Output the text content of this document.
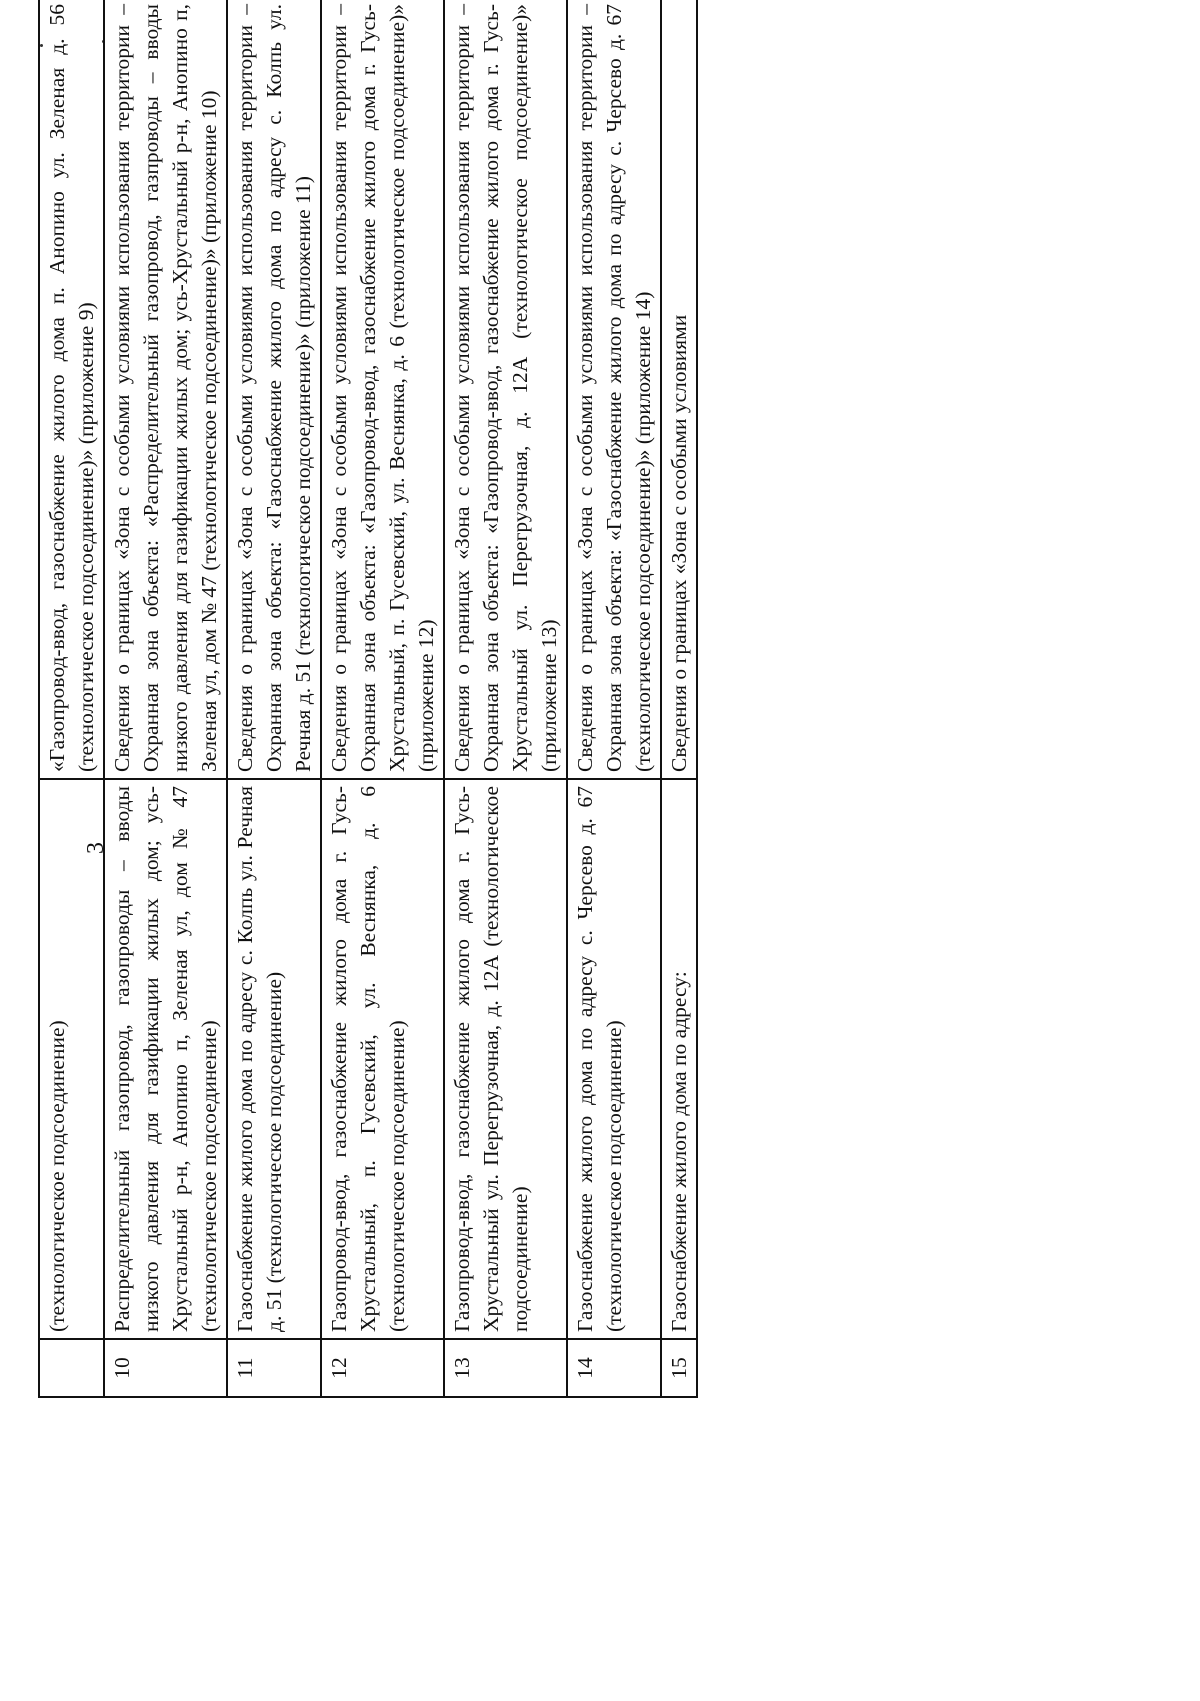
3
	(технологическое подсоединение)	«Газопровод-ввод, газоснабжение жилого дома п. Анопино ул. Зеленая д. 56 (технологическое подсоединение)» (приложение 9)
10	Распределительный газопровод, газопроводы – вводы низкого давления для газификации жилых дом; усь-Хрустальный р-н, Анопино п, Зеленая ул, дом № 47 (технологическое подсоединение)	Сведения о границах «Зона с особыми условиями использования территории – Охранная зона объекта: «Распределительный газопровод, газпроводы – вводы низкого давления для газификации жилых дом; усь-Хрустальный р-н, Анопино п, Зеленая ул, дом № 47 (технологическое подсоединение)» (приложение 10)
11	Газоснабжение жилого дома по адресу с. Колпь ул. Речная д. 51 (технологическое подсоединение)	Сведения о границах «Зона с особыми условиями использования территории – Охранная зона объекта: «Газоснабжение жилого дома по адресу с. Колпь ул. Речная д. 51 (технологическое подсоединение)» (приложение 11)
12	Газопровод-ввод, газоснабжение жилого дома г. Гусь-Хрустальный, п. Гусевский, ул. Веснянка, д. 6 (технологическое подсоединение)	Сведения о границах «Зона с особыми условиями использования территории – Охранная зона объекта: «Газопровод-ввод, газоснабжение жилого дома г. Гусь-Хрустальный, п. Гусевский, ул. Веснянка, д. 6 (технологическое подсоединение)» (приложение 12)
13	Газопровод-ввод, газоснабжение жилого дома г. Гусь-Хрустальный ул. Перегрузочная, д. 12А (технологическое подсоединение)	Сведения о границах «Зона с особыми условиями использования территории – Охранная зона объекта: «Газопровод-ввод, газоснабжение жилого дома г. Гусь-Хрустальный ул. Перегрузочная, д. 12А (технологическое подсоединение)» (приложение 13)
14	Газоснабжение жилого дома по адресу с. Черсево д. 67 (технологическое подсоединение)	Сведения о границах «Зона с особыми условиями использования территории – Охранная зона объекта: «Газоснабжение жилого дома по адресу с. Черсево д. 67 (технологическое подсоединение)» (приложение 14)
15	Газоснабжение жилого дома по адресу:	Сведения о границах «Зона с особыми условиями
